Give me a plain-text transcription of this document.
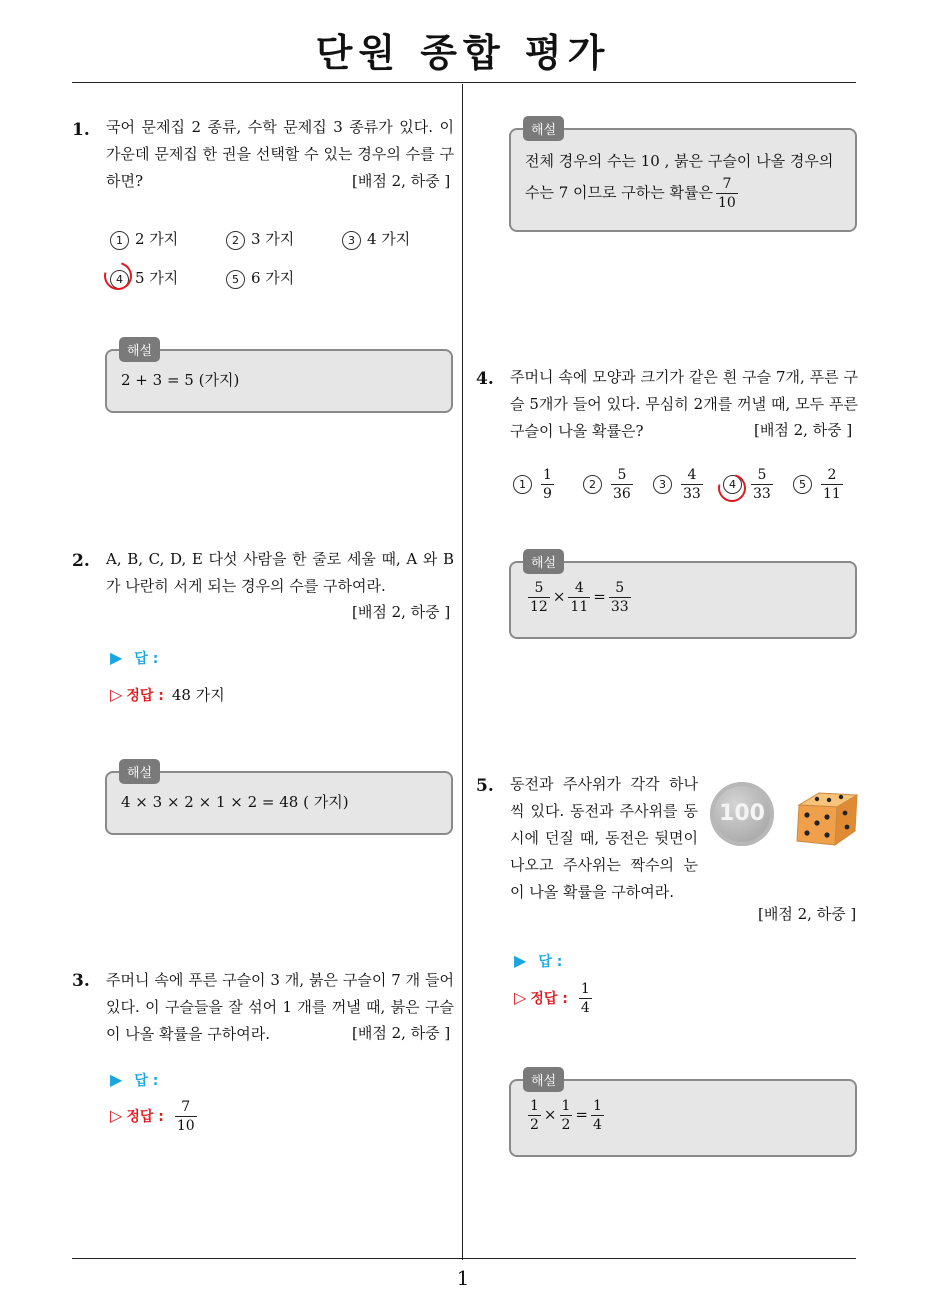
단원 종합 평가
1. 국어 문제집 2 종류, 수학 문제집 3 종류가 있다. 이 가운데 문제집 한 권을 선택할 수 있는 경우의 수를 구하면?	[배점 2, 하중 ]
1 2 가지	2 3 가지	3 4 가지
4 5 가지	5 6 가지
해설
2 + 3 = 5 (가지)
2. A, B, C, D, E 다섯 사람을 한 줄로 세울 때, A 와 B 가 나란히 서게 되는 경우의 수를 구하여라.
[배점 2, 하중 ]
▶ 답 :
▷ 정답 : 48 가지
해설
4 × 3 × 2 × 1 × 2 = 48 ( 가지)
3. 주머니 속에 푸른 구슬이 3 개, 붉은 구슬이 7 개 들어 있다. 이 구슬들을 잘 섞어 1 개를 꺼낼 때, 붉은 구슬이 나올 확률을 구하여라.	[배점 2, 하중 ]
▶ 답 :
▷ 정답 : $\frac{7}{10}$
해설
전체 경우의 수는 10 , 붉은 구슬이 나올 경우의
수는 7 이므로 구하는 확률은 $\frac{7}{10}$
4. 주머니 속에 모양과 크기가 같은 흰 구슬 7개, 푸른 구슬 5개가 들어 있다. 무심히 2개를 꺼낼 때, 모두 푸른 구슬이 나올 확률은?	[배점 2, 하중 ]
$1 \frac{1}{9}$	$2 \frac{5}{36}$	$3 \frac{4}{33}$	$4 \frac{5}{33}$	$5 \frac{2}{11}$
해설
$\frac{5}{12} \times \frac{4}{11} = \frac{5}{33}$
5. 동전과 주사위가 각각 하나씩 있다. 동전과 주사위를 동시에 던질 때, 동전은 뒷면이 나오고 주사위는 짝수의 눈이 나올 확률을 구하여라.
100
[배점 2, 하중 ]
▶ 답 :
▷ 정답 : $\frac{1}{4}$
해설
$\frac{1}{2} \times \frac{1}{2} = \frac{1}{4}$
1
